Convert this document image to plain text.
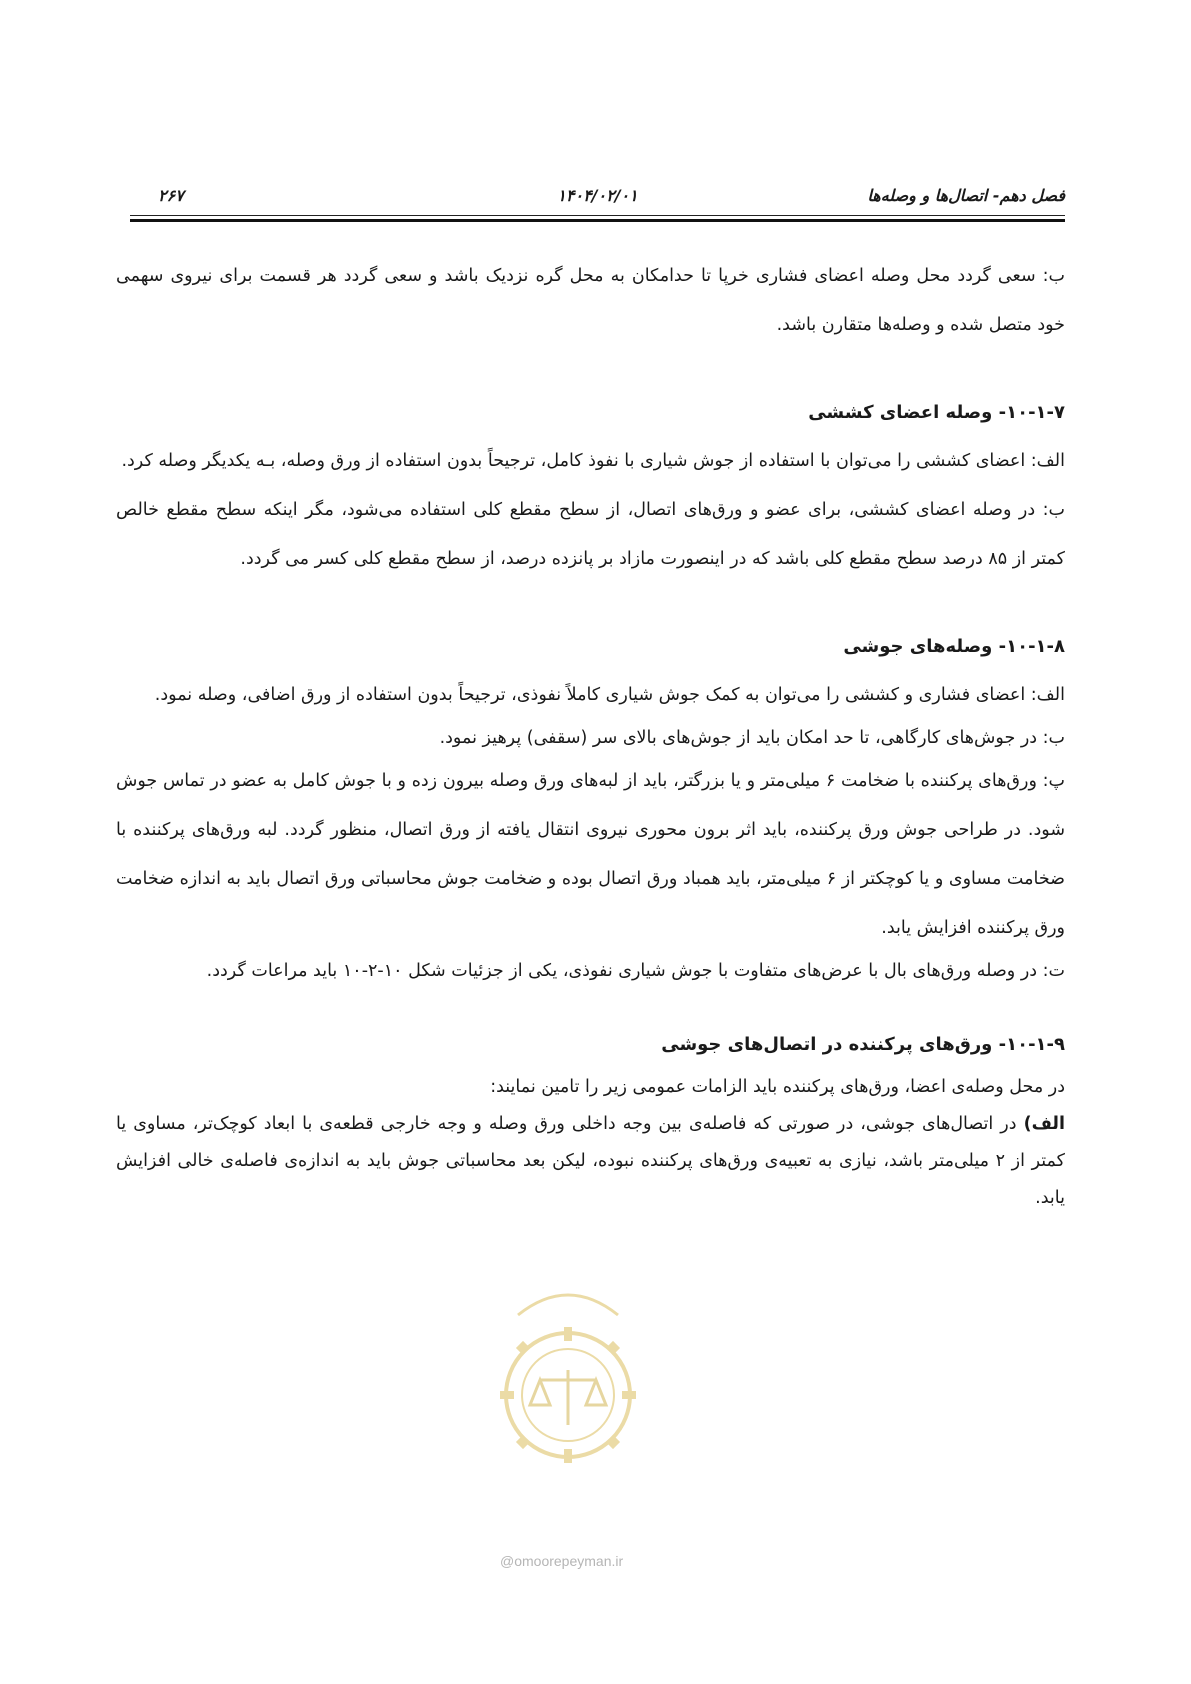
فصل دهم- اتصال‌ها و وصله‌ها
۱۴۰۴/۰۲/۰۱
۲۶۷

ب: سعی گردد محل وصله اعضای فشاری خرپا تا حدامکان به محل گره نزدیک باشد و سعی گردد هر قسمت برای نیروی سهمی خود متصل شده و وصله‌ها متقارن باشد.

۱۰-۱-۷- وصله اعضای کششی

الف: اعضای کششی را می‌توان با استفاده از جوش شیاری با نفوذ کامل، ترجیحاً بدون استفاده از ورق وصله، بـه یکدیگر وصله کرد.

ب: در وصله اعضای کششی، برای عضو و ورق‌های اتصال، از سطح مقطع کلی استفاده می‌شود، مگر اینکه سطح مقطع خالص کمتر از ۸۵ درصد سطح مقطع کلی باشد که در اینصورت مازاد بر پانزده درصد، از سطح مقطع کلی کسر می گردد.

۱۰-۱-۸- وصله‌های جوشی

الف: اعضای فشاری و کششی را می‌توان به کمک جوش شیاری کاملاً نفوذی، ترجیحاً بدون استفاده از ورق اضافی، وصله نمود.

ب: در جوش‌های کارگاهی، تا حد امکان باید از جوش‌های بالای سر (سقفی) پرهیز نمود.

پ: ورق‌های پرکننده با ضخامت ۶ میلی‌متر و یا بزرگتر، باید از لبه‌های ورق وصله بیرون زده و با جوش کامل به عضو در تماس جوش شود. در طراحی جوش ورق پرکننده، باید اثر برون محوری نیروی انتقال یافته از ورق اتصال، منظور گردد. لبه ورق‌های پرکننده با ضخامت مساوی و یا کوچکتر از ۶ میلی‌متر، باید همباد ورق اتصال بوده و ضخامت جوش محاسباتی ورق اتصال باید به اندازه ضخامت ورق پرکننده افزایش یابد.

ت: در وصله ورق‌های بال با عرض‌های متفاوت با جوش شیاری نفوذی، یکی از جزئیات شکل ۱۰-۲-۱۰ باید مراعات گردد.

۱۰-۱-۹- ورق‌های پرکننده در اتصال‌های جوشی

در محل وصله‌ی اعضا، ورق‌های پرکننده باید الزامات عمومی زیر را تامین نمایند:

الف) در اتصال‌های جوشی، در صورتی که فاصله‌ی بین وجه داخلی ورق وصله و وجه خارجی قطعه‌ی با ابعاد کوچک‌تر، مساوی یا کمتر از ۲ میلی‌متر باشد، نیازی به تعبیه‌ی ورق‌های پرکننده نبوده، لیکن بعد محاسباتی جوش باید به اندازه‌ی فاصله‌ی خالی افزایش یابد.

@omoorepeyman.ir
